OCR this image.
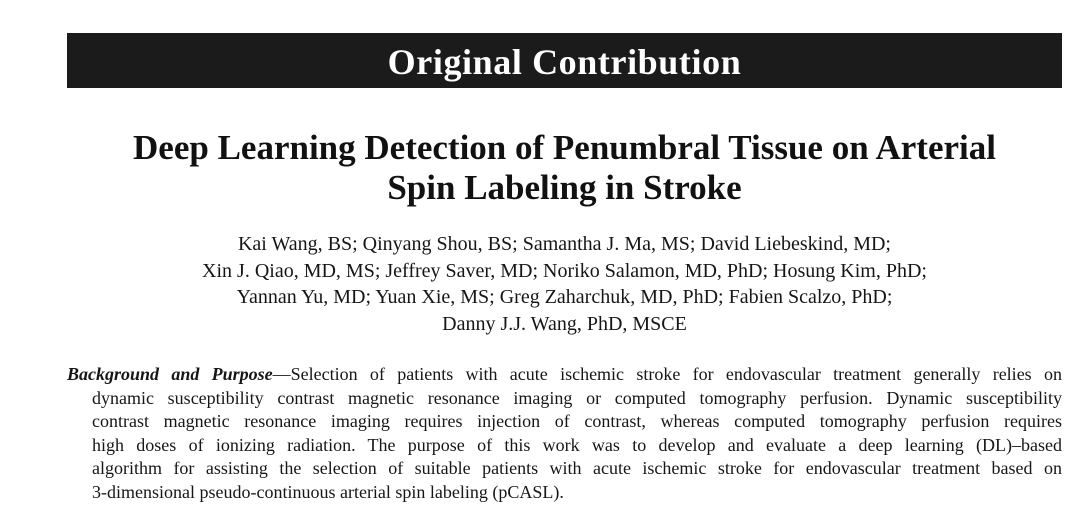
Original Contribution
Deep Learning Detection of Penumbral Tissue on Arterial
Spin Labeling in Stroke
Kai Wang, BS; Qinyang Shou, BS; Samantha J. Ma, MS; David Liebeskind, MD;
Xin J. Qiao, MD, MS; Jeffrey Saver, MD; Noriko Salamon, MD, PhD; Hosung Kim, PhD;
Yannan Yu, MD; Yuan Xie, MS; Greg Zaharchuk, MD, PhD; Fabien Scalzo, PhD;
Danny J.J. Wang, PhD, MSCE
Background and Purpose—Selection of patients with acute ischemic stroke for endovascular treatment generally relies on
dynamic susceptibility contrast magnetic resonance imaging or computed tomography perfusion. Dynamic susceptibility
contrast magnetic resonance imaging requires injection of contrast, whereas computed tomography perfusion requires
high doses of ionizing radiation. The purpose of this work was to develop and evaluate a deep learning (DL)–based
algorithm for assisting the selection of suitable patients with acute ischemic stroke for endovascular treatment based on
3-dimensional pseudo-continuous arterial spin labeling (pCASL).
